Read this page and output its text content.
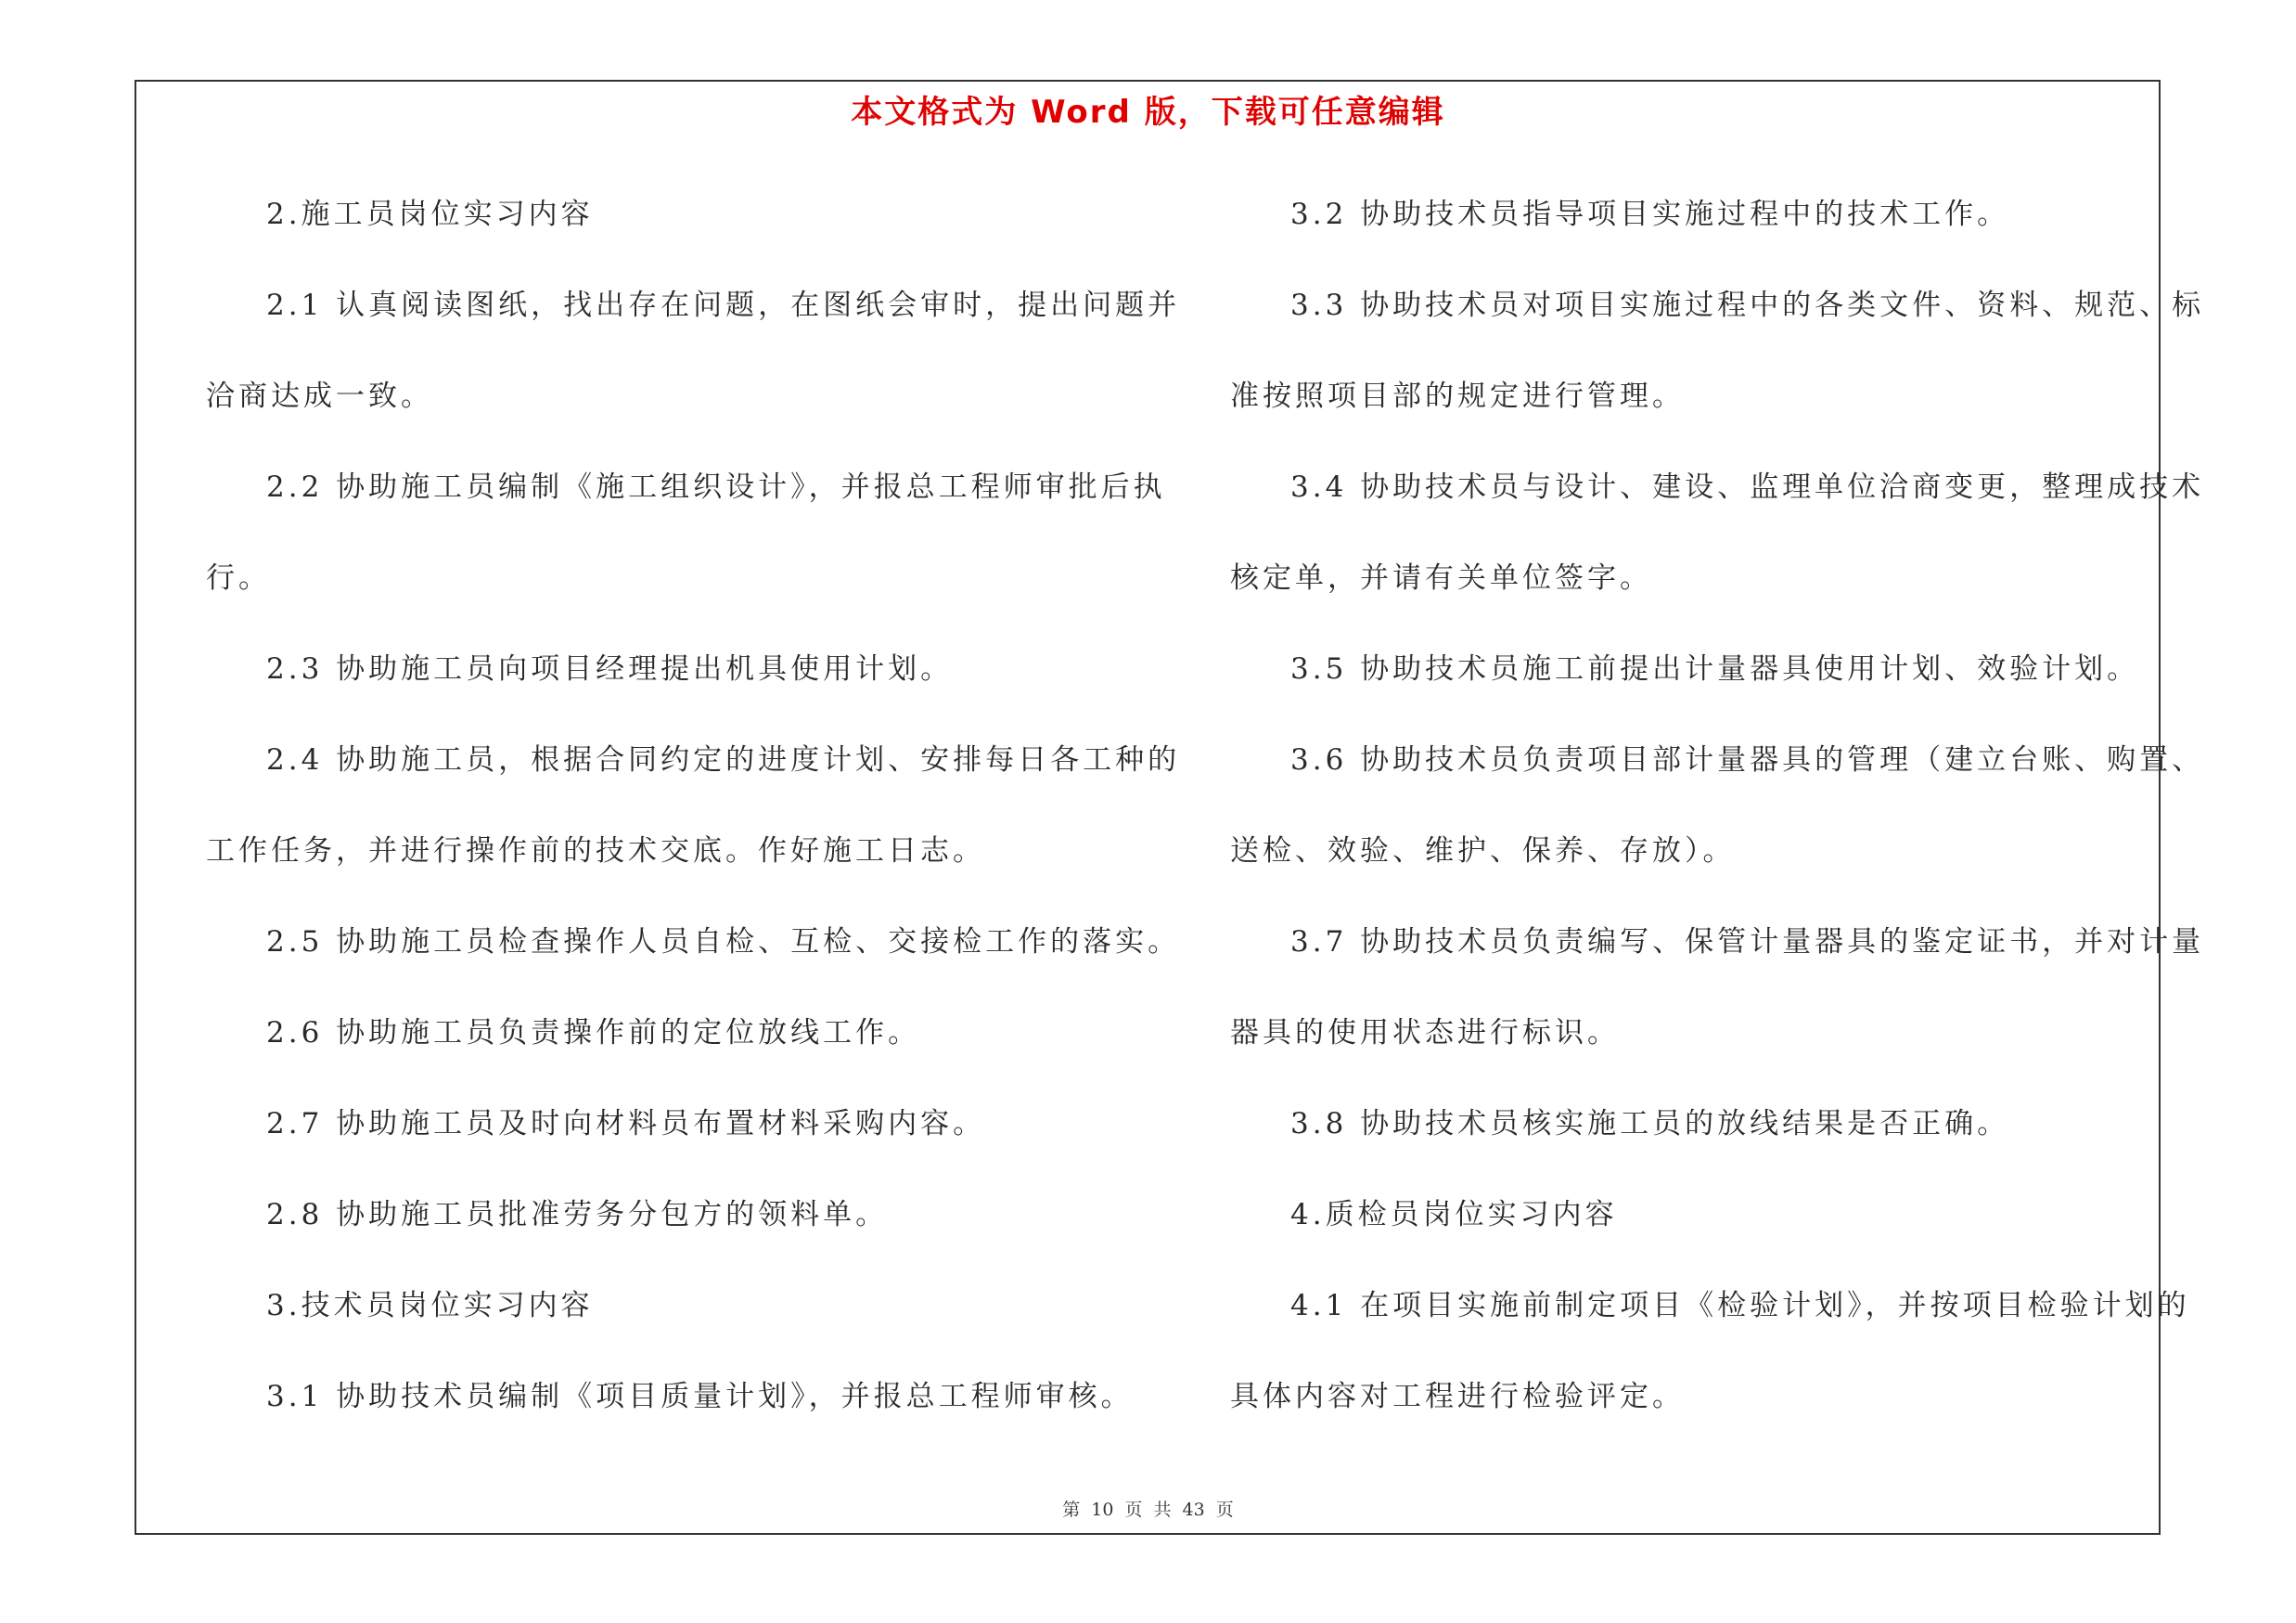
本文格式为 Word 版，下载可任意编辑
2.施工员岗位实习内容
2.1 认真阅读图纸，找出存在问题，在图纸会审时，提出问题并
洽商达成一致。
2.2 协助施工员编制《施工组织设计》，并报总工程师审批后执
行。
2.3 协助施工员向项目经理提出机具使用计划。
2.4 协助施工员，根据合同约定的进度计划、安排每日各工种的
工作任务，并进行操作前的技术交底。作好施工日志。
2.5 协助施工员检查操作人员自检、互检、交接检工作的落实。
2.6 协助施工员负责操作前的定位放线工作。
2.7 协助施工员及时向材料员布置材料采购内容。
2.8 协助施工员批准劳务分包方的领料单。
3.技术员岗位实习内容
3.1 协助技术员编制《项目质量计划》，并报总工程师审核。
3.2 协助技术员指导项目实施过程中的技术工作。
3.3 协助技术员对项目实施过程中的各类文件、资料、规范、标
准按照项目部的规定进行管理。
3.4 协助技术员与设计、建设、监理单位洽商变更，整理成技术
核定单，并请有关单位签字。
3.5 协助技术员施工前提出计量器具使用计划、效验计划。
3.6 协助技术员负责项目部计量器具的管理（建立台账、购置、
送检、效验、维护、保养、存放）。
3.7 协助技术员负责编写、保管计量器具的鉴定证书，并对计量
器具的使用状态进行标识。
3.8 协助技术员核实施工员的放线结果是否正确。
4.质检员岗位实习内容
4.1 在项目实施前制定项目《检验计划》，并按项目检验计划的
具体内容对工程进行检验评定。
第 10 页 共 43 页
